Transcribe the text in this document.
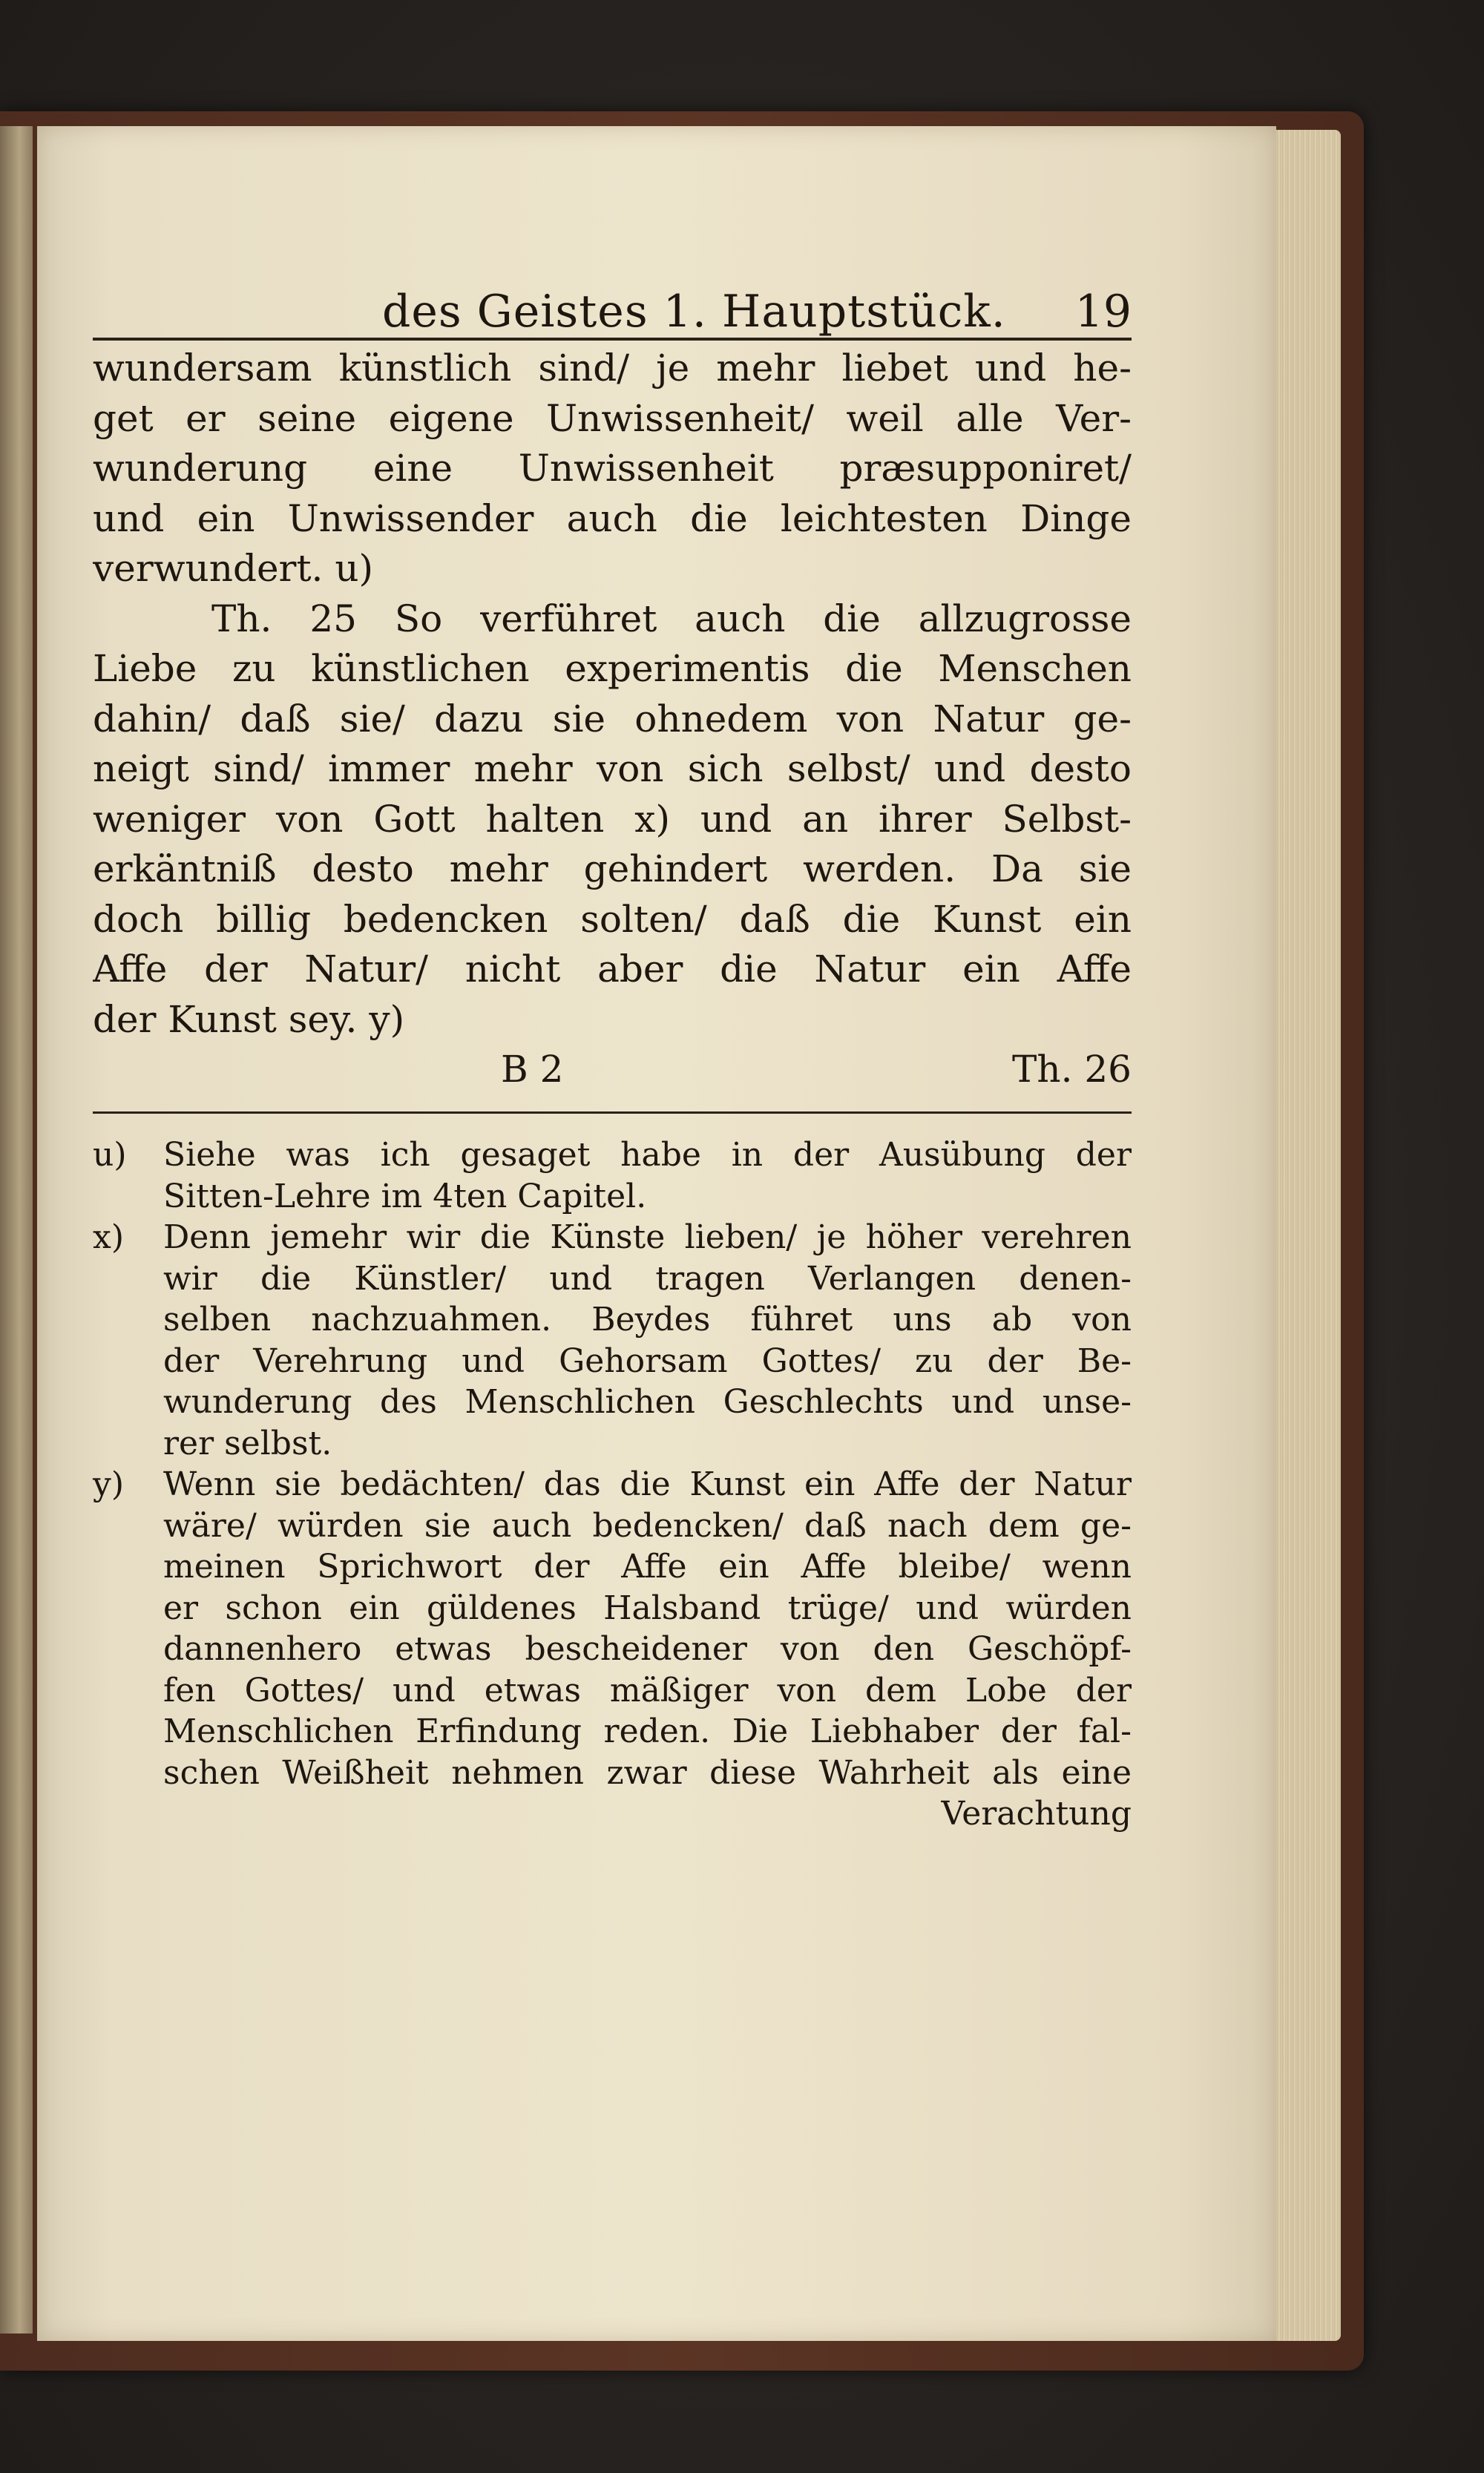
des Geistes 1. Hauptstück. 19
wundersam künstlich sind/ je mehr liebet und he-
get er seine eigene Unwissenheit/ weil alle Ver-
wunderung eine Unwissenheit præsupponiret/
und ein Unwissender auch die leichtesten Dinge
verwundert. u)
Th. 25 So verführet auch die allzugrosse
Liebe zu künstlichen experimentis die Menschen
dahin/ daß sie/ dazu sie ohnedem von Natur ge-
neigt sind/ immer mehr von sich selbst/ und desto
weniger von Gott halten x) und an ihrer Selbst-
erkäntniß desto mehr gehindert werden. Da sie
doch billig bedencken solten/ daß die Kunst ein
Affe der Natur/ nicht aber die Natur ein Affe
der Kunst sey. y)
B 2	Th. 26
u)	Siehe was ich gesaget habe in der Ausübung der
Sitten-Lehre im 4ten Capitel.
x)	Denn jemehr wir die Künste lieben/ je höher verehren
wir die Künstler/ und tragen Verlangen denen-
selben nachzuahmen. Beydes führet uns ab von
der Verehrung und Gehorsam Gottes/ zu der Be-
wunderung des Menschlichen Geschlechts und unse-
rer selbst.
y)	Wenn sie bedächten/ das die Kunst ein Affe der Natur
wäre/ würden sie auch bedencken/ daß nach dem ge-
meinen Sprichwort der Affe ein Affe bleibe/ wenn
er schon ein güldenes Halsband trüge/ und würden
dannenhero etwas bescheidener von den Geschöpf-
fen Gottes/ und etwas mäßiger von dem Lobe der
Menschlichen Erfindung reden. Die Liebhaber der fal-
schen Weißheit nehmen zwar diese Wahrheit als eine
Verachtung
